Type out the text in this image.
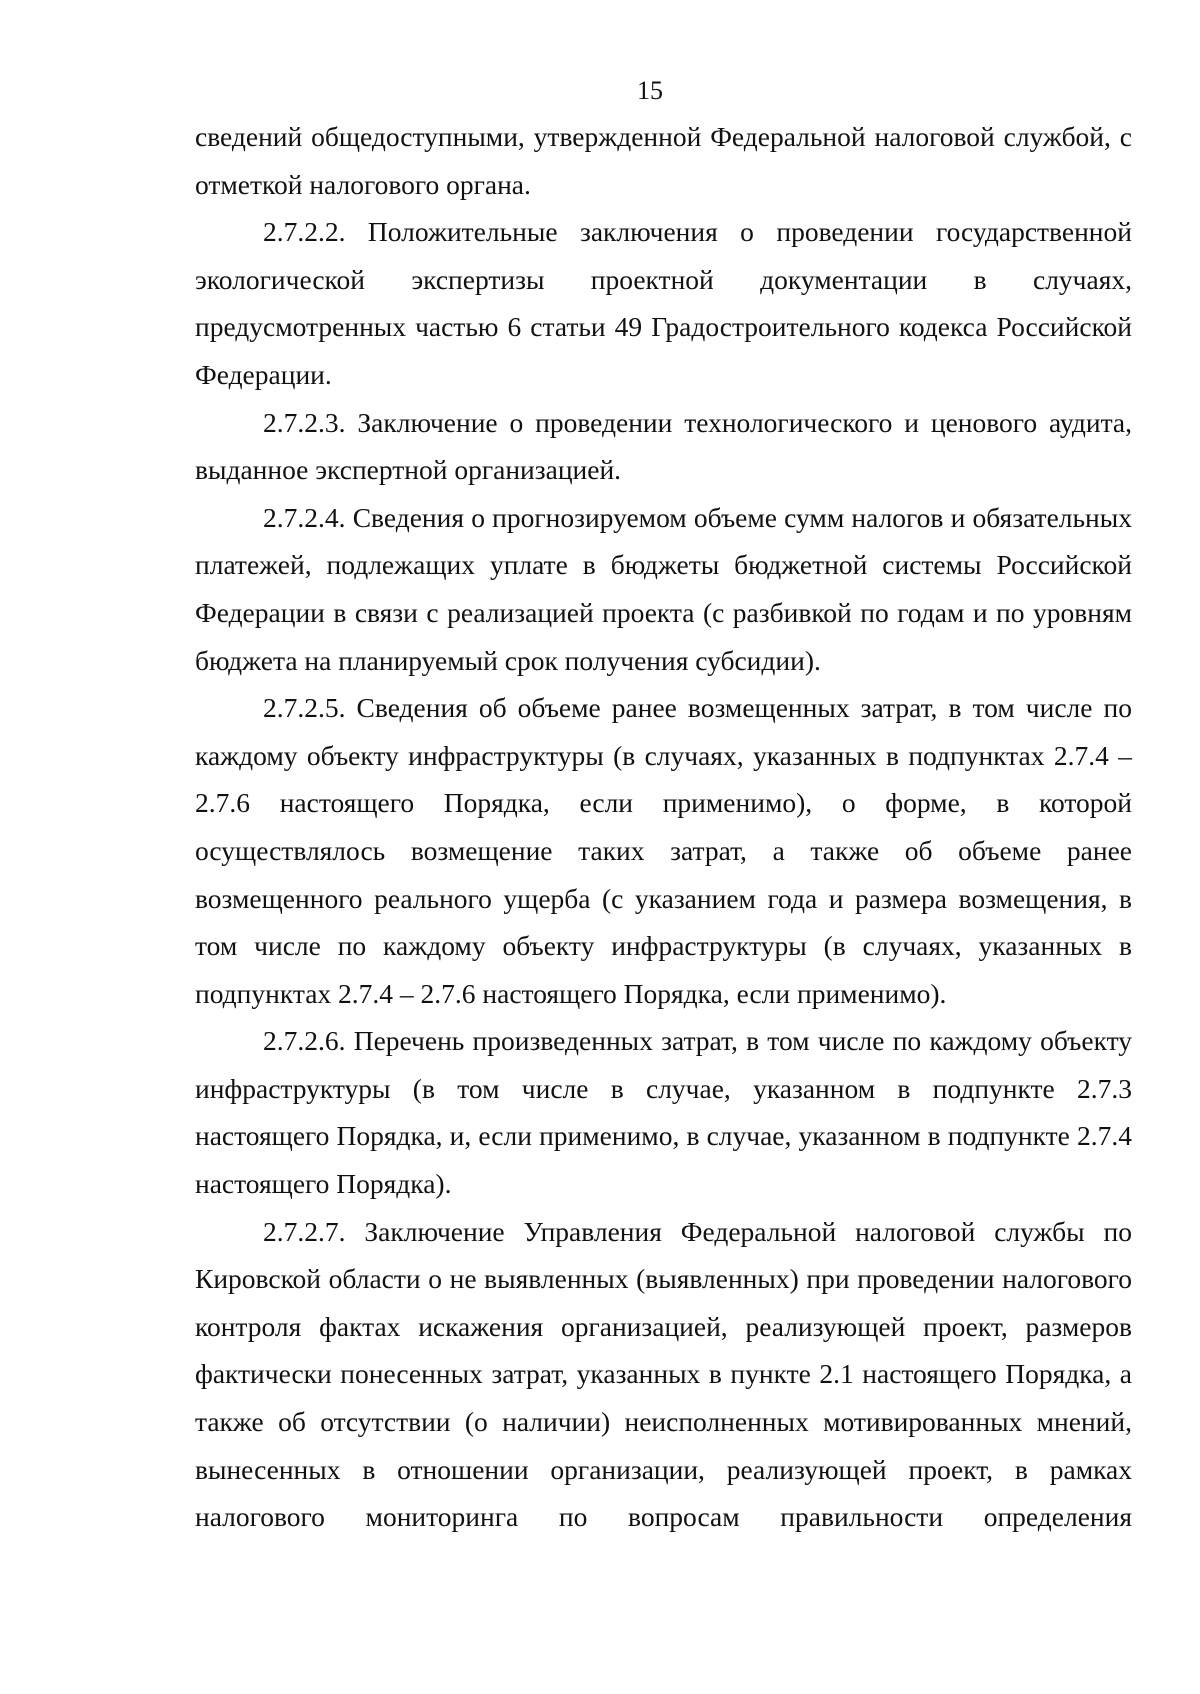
15

сведений общедоступными, утвержденной Федеральной налоговой службой, с отметкой налогового органа.

2.7.2.2. Положительные заключения о проведении государственной экологической экспертизы проектной документации в случаях, предусмотренных частью 6 статьи 49 Градостроительного кодекса Российской Федерации.

2.7.2.3. Заключение о проведении технологического и ценового аудита, выданное экспертной организацией.

2.7.2.4. Сведения о прогнозируемом объеме сумм налогов и обязательных платежей, подлежащих уплате в бюджеты бюджетной системы Российской Федерации в связи с реализацией проекта (с разбивкой по годам и по уровням бюджета на планируемый срок получения субсидии).

2.7.2.5. Сведения об объеме ранее возмещенных затрат, в том числе по каждому объекту инфраструктуры (в случаях, указанных в подпунктах 2.7.4 – 2.7.6 настоящего Порядка, если применимо), о форме, в которой осуществлялось возмещение таких затрат, а также об объеме ранее возмещенного реального ущерба (с указанием года и размера возмещения, в том числе по каждому объекту инфраструктуры (в случаях, указанных в подпунктах 2.7.4 – 2.7.6 настоящего Порядка, если применимо).

2.7.2.6. Перечень произведенных затрат, в том числе по каждому объекту инфраструктуры (в том числе в случае, указанном в подпункте 2.7.3 настоящего Порядка, и, если применимо, в случае, указанном в подпункте 2.7.4 настоящего Порядка).

2.7.2.7. Заключение Управления Федеральной налоговой службы по Кировской области о не выявленных (выявленных) при проведении налогового контроля фактах искажения организацией, реализующей проект, размеров фактически понесенных затрат, указанных в пункте 2.1 настоящего Порядка, а также об отсутствии (о наличии) неисполненных мотивированных мнений, вынесенных в отношении организации, реализующей проект, в рамках налогового мониторинга по вопросам правильности определения
